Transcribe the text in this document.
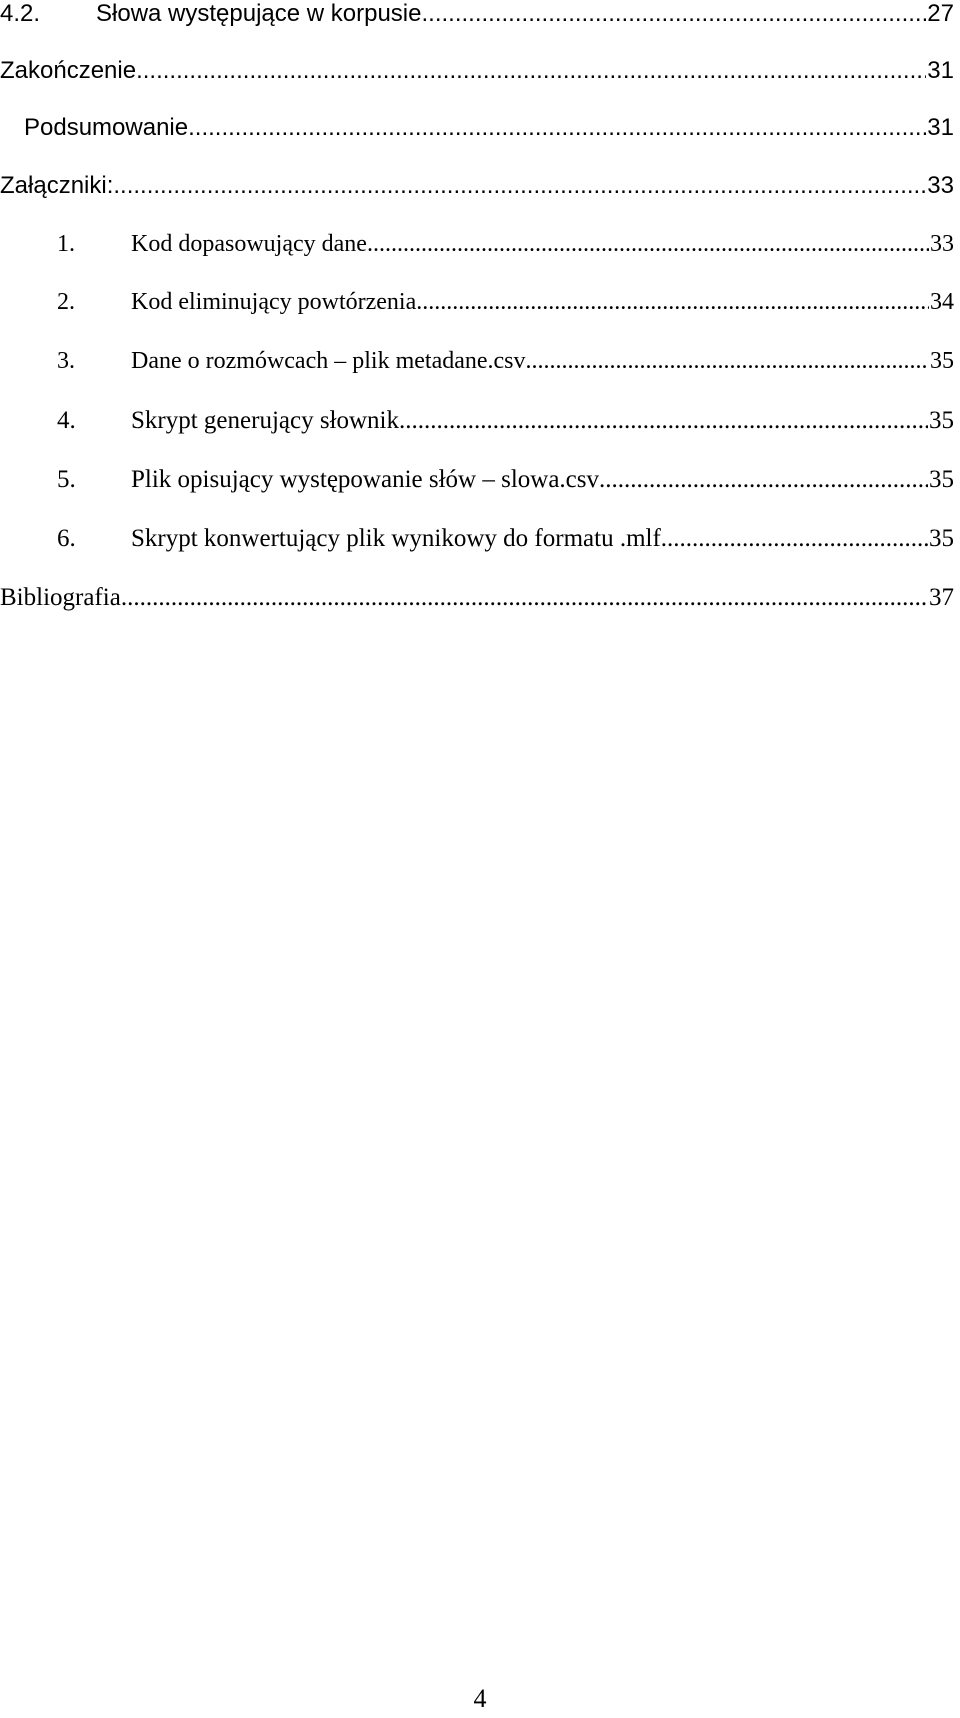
4.2.	Słowa występujące w korpusie .....	27
Zakończenie. .....	31
Podsumowanie .....	31
Załączniki: .....	33
1.	Kod dopasowujący dane .....	33
2.	Kod eliminujący powtórzenia .....	34
3.	Dane o rozmówcach – plik metadane.csv .....	35
4.	Skrypt generujący słownik .....	35
5.	Plik opisujący występowanie słów – slowa.csv .....	35
6.	Skrypt konwertujący plik wynikowy do formatu .mlf .....	35
Bibliografia .....	37
4
